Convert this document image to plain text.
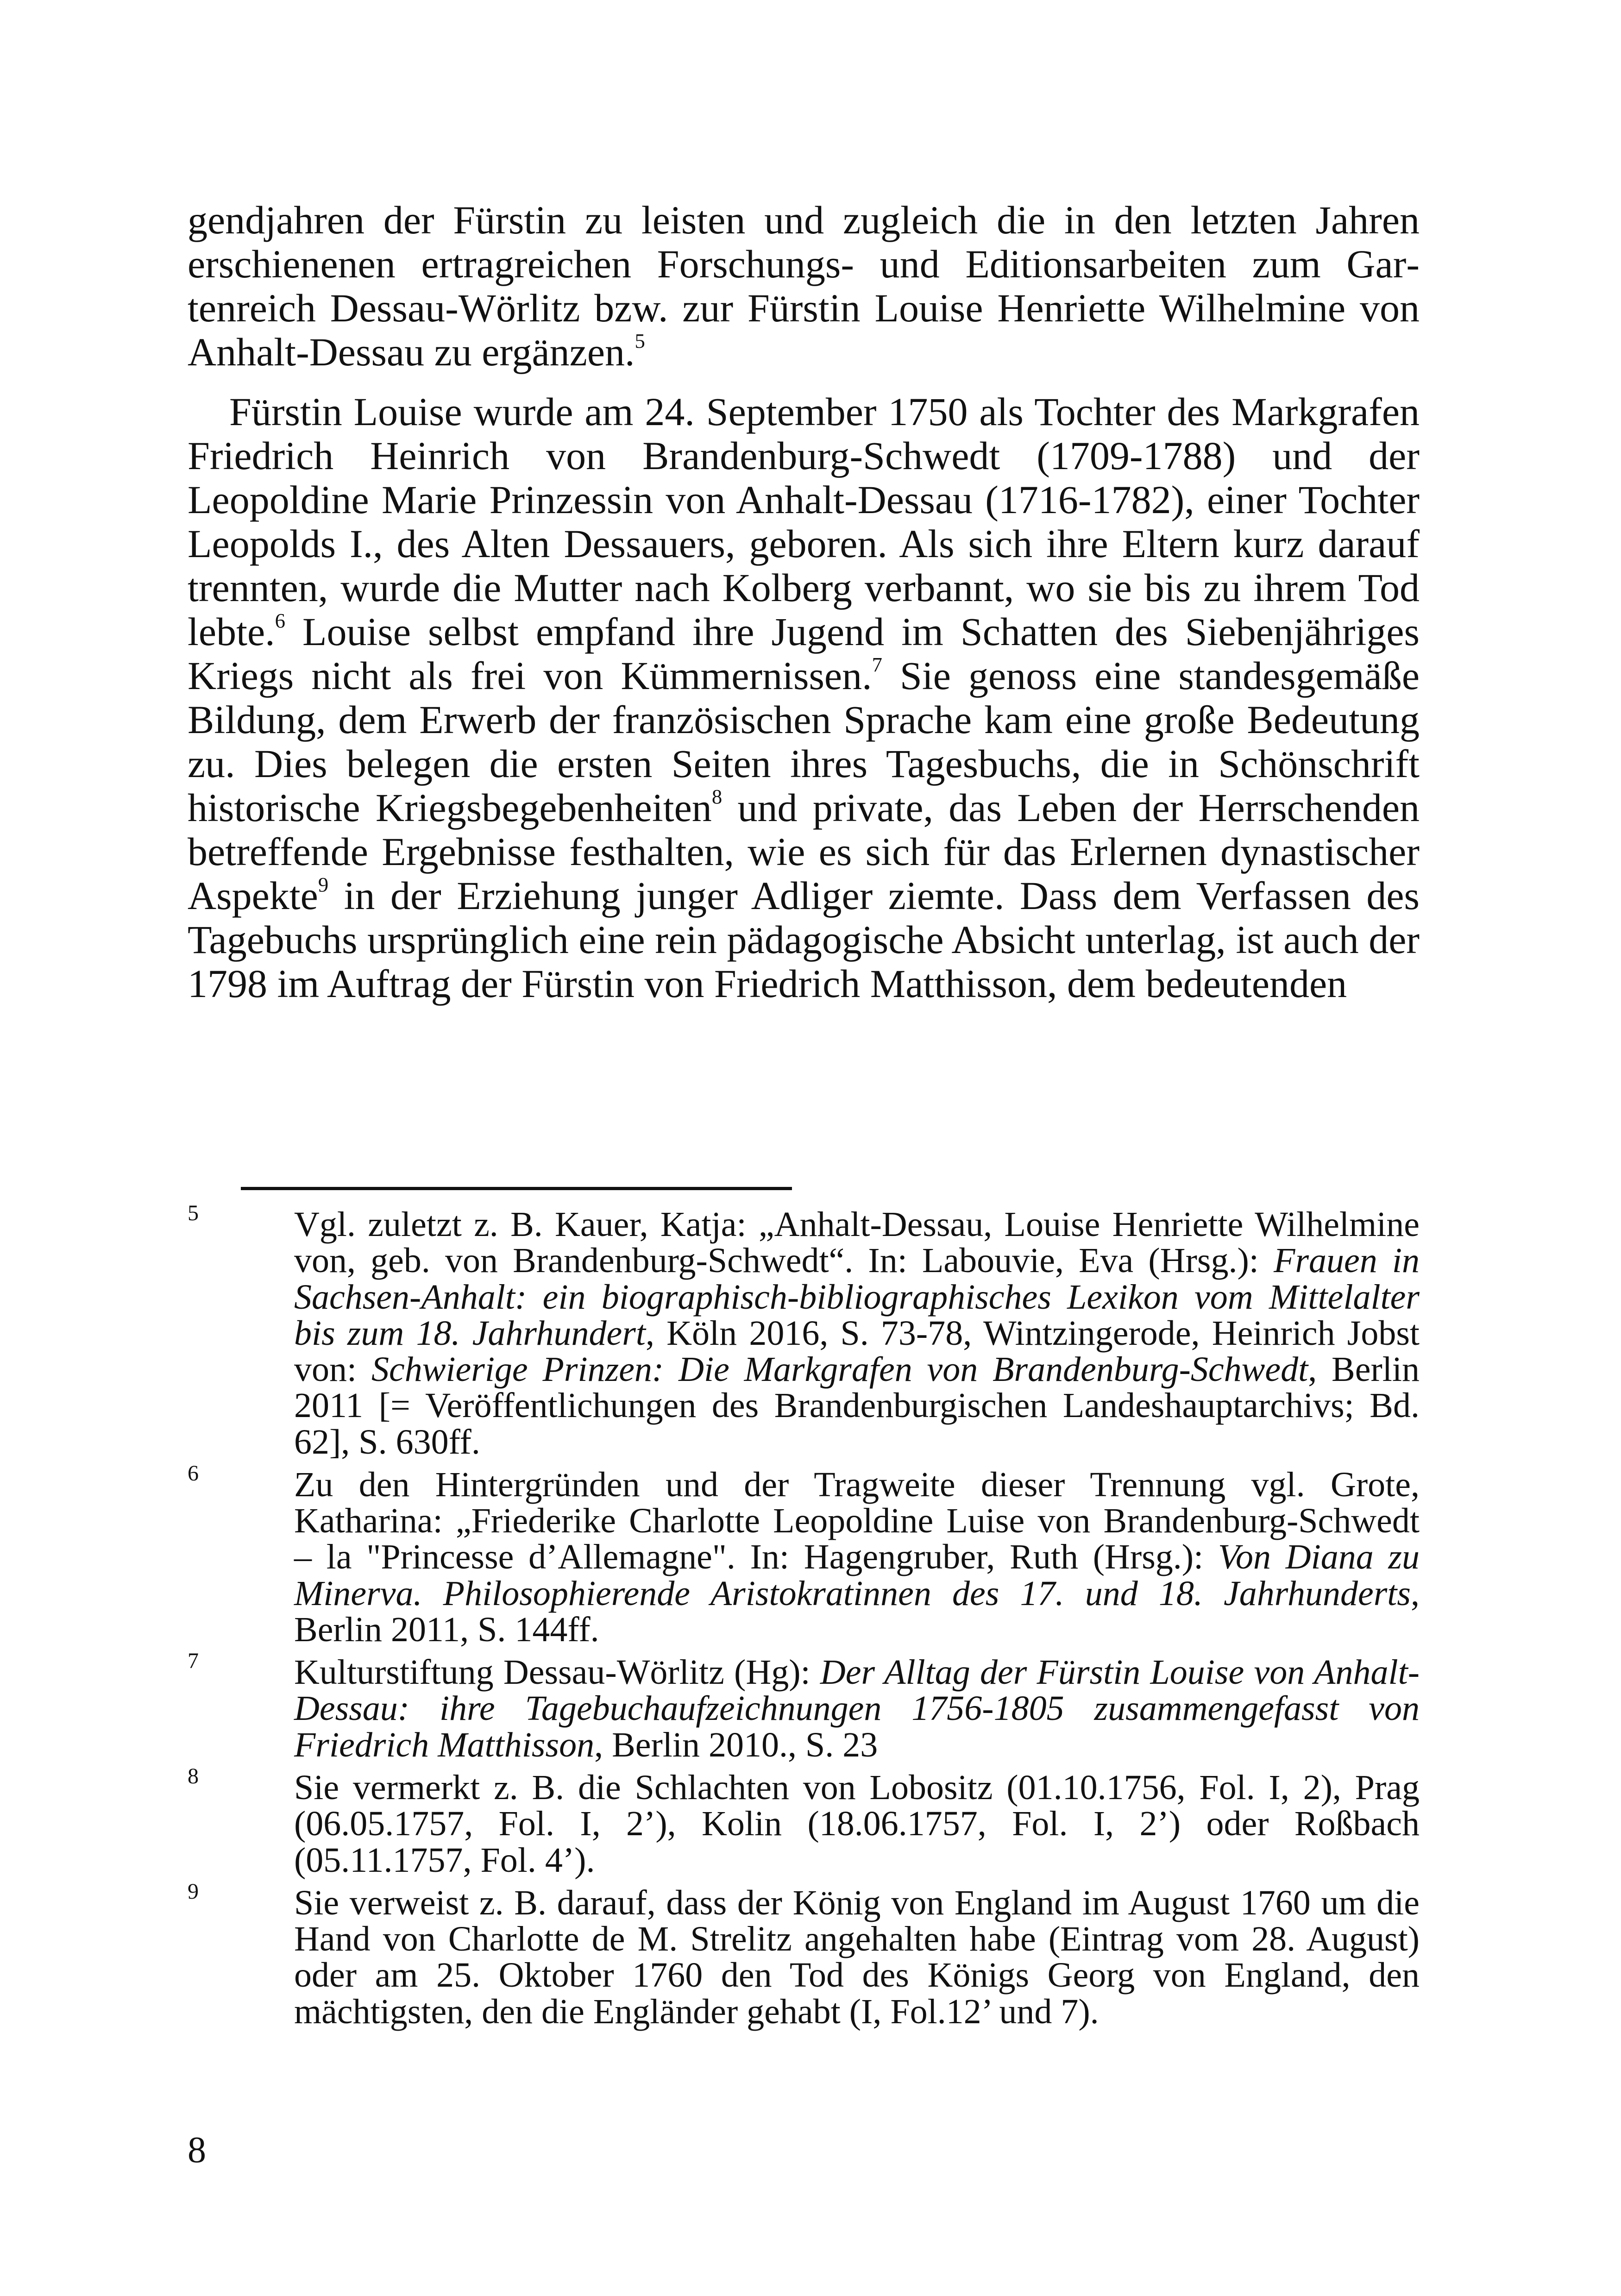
gendjahren der Fürstin zu leisten und zugleich die in den letzten Jahren erschienenen ertragreichen Forschungs- und Editionsarbeiten zum Gartenreich Dessau-Wörlitz bzw. zur Fürstin Louise Henriette Wilhelmine von Anhalt-Dessau zu ergänzen.$^5$

Fürstin Louise wurde am 24. September 1750 als Tochter des Markgrafen Friedrich Heinrich von Brandenburg-Schwedt (1709-1788) und der Leopoldine Marie Prinzessin von Anhalt-Dessau (1716-1782), einer Tochter Leopolds I., des Alten Dessauers, geboren. Als sich ihre Eltern kurz darauf trennten, wurde die Mutter nach Kolberg verbannt, wo sie bis zu ihrem Tod lebte.$^6$ Louise selbst empfand ihre Jugend im Schatten des Siebenjähriges Kriegs nicht als frei von Kümmernissen.$^7$ Sie genoss eine standesgemäße Bildung, dem Erwerb der französischen Sprache kam eine große Bedeutung zu. Dies belegen die ersten Seiten ihres Tagesbuchs, die in Schönschrift historische Kriegsbegebenheiten$^8$ und private, das Leben der Herrschenden betreffende Ergebnisse festhalten, wie es sich für das Erlernen dynastischer Aspekte$^9$ in der Erziehung junger Adliger ziemte. Dass dem Verfassen des Tagebuchs ursprünglich eine rein pädagogische Absicht unterlag, ist auch der 1798 im Auftrag der Fürstin von Friedrich Matthisson, dem bedeutenden

5	Vgl. zuletzt z. B. Kauer, Katja: „Anhalt-Dessau, Louise Henriette Wilhelmine von, geb. von Brandenburg-Schwedt“. In: Labouvie, Eva (Hrsg.): Frauen in Sachsen-Anhalt: ein biographisch-bibliographisches Lexikon vom Mittelalter bis zum 18. Jahrhundert, Köln 2016, S. 73-78, Wintzingerode, Heinrich Jobst von: Schwierige Prinzen: Die Markgrafen von Brandenburg-Schwedt, Berlin 2011 [= Veröffentlichungen des Brandenburgischen Landeshauptarchivs; Bd. 62], S. 630ff.
6	Zu den Hintergründen und der Tragweite dieser Trennung vgl. Grote, Katharina: „Friederike Charlotte Leopoldine Luise von Brandenburg-Schwedt – la "Princesse d’Allemagne". In: Hagengruber, Ruth (Hrsg.): Von Diana zu Minerva. Philosophierende Aristokratinnen des 17. und 18. Jahrhunderts, Berlin 2011, S. 144ff.
7	Kulturstiftung Dessau-Wörlitz (Hg): Der Alltag der Fürstin Louise von Anhalt-Dessau: ihre Tagebuchaufzeichnungen 1756-1805 zusammengefasst von Friedrich Matthisson, Berlin 2010., S. 23
8	Sie vermerkt z. B. die Schlachten von Lobositz (01.10.1756, Fol. I, 2), Prag (06.05.1757, Fol. I, 2’), Kolin (18.06.1757, Fol. I, 2’) oder Roßbach (05.11.1757, Fol. 4’).
9	Sie verweist z. B. darauf, dass der König von England im August 1760 um die Hand von Charlotte de M. Strelitz angehalten habe (Eintrag vom 28. August) oder am 25. Oktober 1760 den Tod des Königs Georg von England, den mächtigsten, den die Engländer gehabt (I, Fol.12’ und 7).
8
